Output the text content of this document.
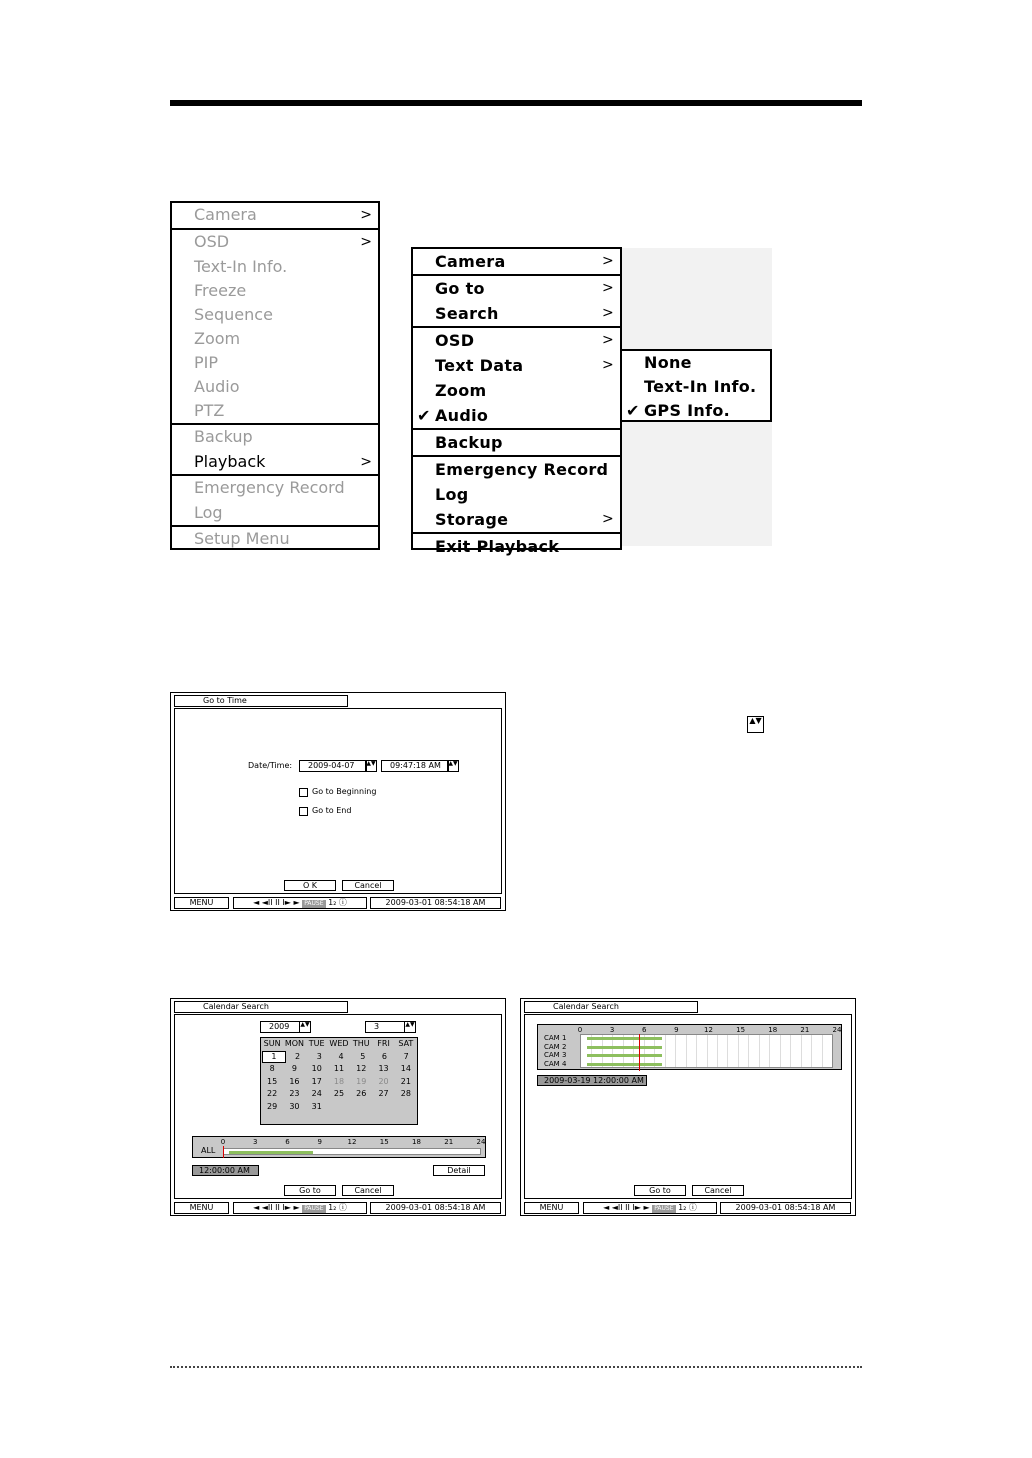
Camera	>
OSD	>
Text-In Info.
Freeze
Sequence
Zoom
PIP
Audio
PTZ
Backup
Playback	>
Emergency Record
Log
Setup Menu
Camera	>
Go to	>
Search	>
OSD	>
Text Data	>
Zoom
✔ Audio
Backup
Emergency Record
Log
Storage	>
Exit Playback
None
Text-In Info.
✔ GPS Info.
▲▼
Go to Time
Date/Time:	2009-04-07	▲▼	09:47:18 AM	▲▼
Go to Beginning
Go to End
O K	Cancel
MENU	◄ ◄II II I► ► PAUSE 1₂ ⓘ	2009-03-01 08:54:18 AM
Calendar Search
2009	▲▼	3	▲▼
SUN MON TUE WED THU FRI	SAT
1	2	3	4	5	6	7
8	9	10	11	12	13	14
15	16	17	18	19	20	21
22	23	24	25	26	27	28
29	30	31
0	3	6	9	12	15	18	21	24
ALL
12:00:00 AM	Detail
Go to	Cancel
MENU	◄ ◄II II I► ► PAUSE 1₂ ⓘ	2009-03-01 08:54:18 AM
Calendar Search
0	3	6	9	12	15	18	21	24
CAM 1
CAM 2
CAM 3
CAM 4
2009-03-19 12:00:00 AM
Go to	Cancel
MENU	◄ ◄II II I► ► PAUSE 1₂ ⓘ	2009-03-01 08:54:18 AM
